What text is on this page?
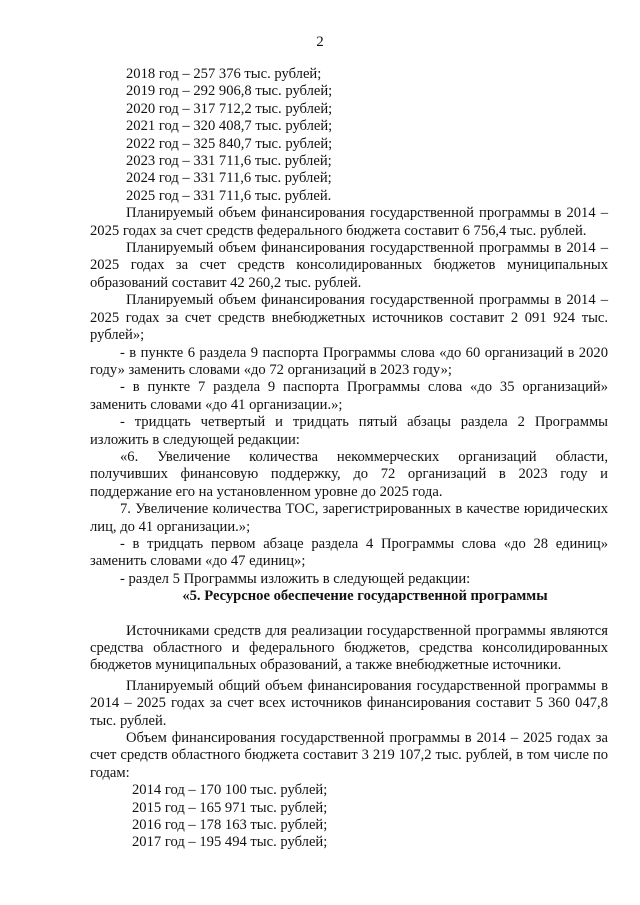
2
2018 год – 257 376 тыс. рублей;
2019 год – 292 906,8 тыс. рублей;
2020 год – 317 712,2 тыс. рублей;
2021 год – 320 408,7 тыс. рублей;
2022 год – 325 840,7 тыс. рублей;
2023 год – 331 711,6 тыс. рублей;
2024 год – 331 711,6 тыс. рублей;
2025 год – 331 711,6 тыс. рублей.

Планируемый объем финансирования государственной программы в 2014 – 2025 годах за счет средств федерального бюджета составит 6 756,4 тыс. рублей.

Планируемый объем финансирования государственной программы в 2014 – 2025 годах за счет средств консолидированных бюджетов муниципальных образований составит 42 260,2 тыс. рублей.

Планируемый объем финансирования государственной программы в 2014 – 2025 годах за счет средств внебюджетных источников составит 2 091 924 тыс. рублей»;

- в пункте 6 раздела 9 паспорта Программы слова «до 60 организаций в 2020 году» заменить словами «до 72 организаций в 2023 году»;

- в пункте 7 раздела 9 паспорта Программы слова «до 35 организаций» заменить словами «до 41 организации.»;

- тридцать четвертый и тридцать пятый абзацы раздела 2 Программы изложить в следующей редакции:

«6. Увеличение количества некоммерческих организаций области, получивших финансовую поддержку, до 72 организаций в 2023 году и поддержание его на установленном уровне до 2025 года.

7. Увеличение количества ТОС, зарегистрированных в качестве юридических лиц, до 41 организации.»;

- в тридцать первом абзаце раздела 4 Программы слова «до 28 единиц» заменить словами «до 47 единиц»;

- раздел 5 Программы изложить в следующей редакции:

«5. Ресурсное обеспечение государственной программы

Источниками средств для реализации государственной программы являются средства областного и федерального бюджетов, средства консолидированных бюджетов муниципальных образований, а также внебюджетные источники.

Планируемый общий объем финансирования государственной программы в 2014 – 2025 годах за счет всех источников финансирования составит 5 360 047,8 тыс. рублей.

Объем финансирования государственной программы в 2014 – 2025 годах за счет средств областного бюджета составит 3 219 107,2 тыс. рублей, в том числе по годам:

2014 год – 170 100 тыс. рублей;
2015 год – 165 971 тыс. рублей;
2016 год – 178 163 тыс. рублей;
2017 год – 195 494 тыс. рублей;
